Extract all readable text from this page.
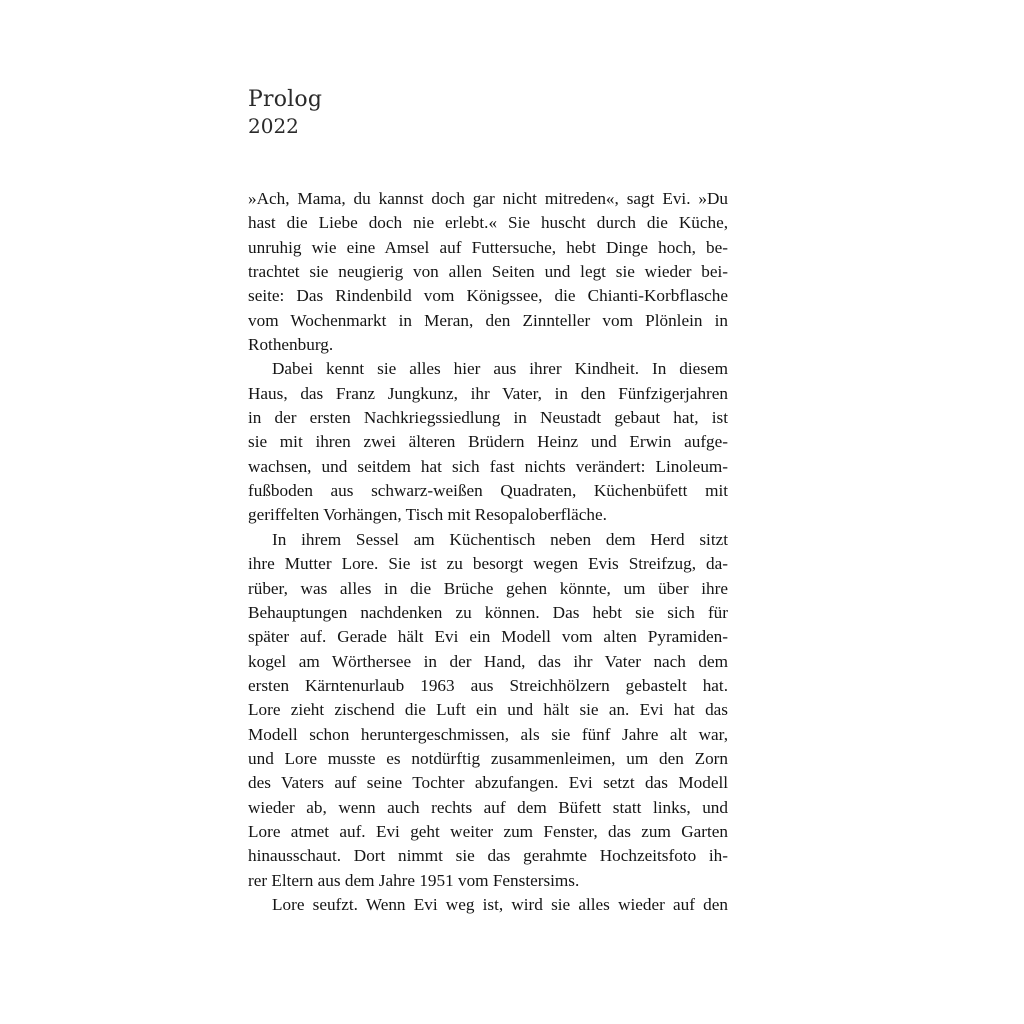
Prolog
2022
»Ach, Mama, du kannst doch gar nicht mitreden«, sagt Evi. »Du
hast die Liebe doch nie erlebt.« Sie huscht durch die Küche,
unruhig wie eine Amsel auf Futtersuche, hebt Dinge hoch, be-
trachtet sie neugierig von allen Seiten und legt sie wieder bei-
seite: Das Rindenbild vom Königssee, die Chianti-Korbflasche
vom Wochenmarkt in Meran, den Zinnteller vom Plönlein in
Rothenburg.
Dabei kennt sie alles hier aus ihrer Kindheit. In diesem
Haus, das Franz Jungkunz, ihr Vater, in den Fünfzigerjahren
in der ersten Nachkriegssiedlung in Neustadt gebaut hat, ist
sie mit ihren zwei älteren Brüdern Heinz und Erwin aufge-
wachsen, und seitdem hat sich fast nichts verändert: Linoleum-
fußboden aus schwarz-weißen Quadraten, Küchenbüfett mit
geriffelten Vorhängen, Tisch mit Resopaloberfläche.
In ihrem Sessel am Küchentisch neben dem Herd sitzt
ihre Mutter Lore. Sie ist zu besorgt wegen Evis Streifzug, da-
rüber, was alles in die Brüche gehen könnte, um über ihre
Behauptungen nachdenken zu können. Das hebt sie sich für
später auf. Gerade hält Evi ein Modell vom alten Pyramiden-
kogel am Wörthersee in der Hand, das ihr Vater nach dem
ersten Kärntenurlaub 1963 aus Streichhölzern gebastelt hat.
Lore zieht zischend die Luft ein und hält sie an. Evi hat das
Modell schon heruntergeschmissen, als sie fünf Jahre alt war,
und Lore musste es notdürftig zusammenleimen, um den Zorn
des Vaters auf seine Tochter abzufangen. Evi setzt das Modell
wieder ab, wenn auch rechts auf dem Büfett statt links, und
Lore atmet auf. Evi geht weiter zum Fenster, das zum Garten
hinausschaut. Dort nimmt sie das gerahmte Hochzeitsfoto ih-
rer Eltern aus dem Jahre 1951 vom Fenstersims.
Lore seufzt. Wenn Evi weg ist, wird sie alles wieder auf den
